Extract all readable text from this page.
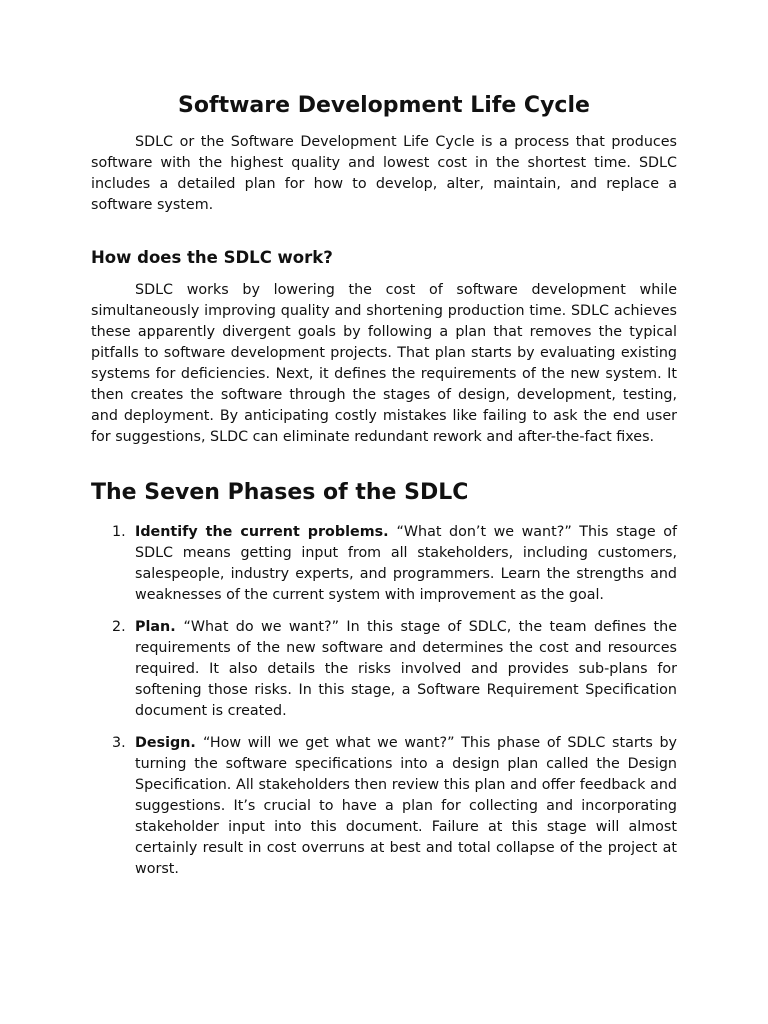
Software Development Life Cycle

SDLC or the Software Development Life Cycle is a process that produces software with the highest quality and lowest cost in the shortest time. SDLC includes a detailed plan for how to develop, alter, maintain, and replace a software system.

How does the SDLC work?

SDLC works by lowering the cost of software development while simultaneously improving quality and shortening production time. SDLC achieves these apparently divergent goals by following a plan that removes the typical pitfalls to software development projects. That plan starts by evaluating existing systems for deficiencies. Next, it defines the requirements of the new system. It then creates the software through the stages of design, development, testing, and deployment. By anticipating costly mistakes like failing to ask the end user for suggestions, SLDC can eliminate redundant rework and after-the-fact fixes.

The Seven Phases of the SDLC
1. Identify the current problems. “What don’t we want?” This stage of SDLC means getting input from all stakeholders, including customers, salespeople, industry experts, and programmers. Learn the strengths and weaknesses of the current system with improvement as the goal.
2. Plan. “What do we want?” In this stage of SDLC, the team defines the requirements of the new software and determines the cost and resources required. It also details the risks involved and provides sub-plans for softening those risks. In this stage, a Software Requirement Specification document is created.
3. Design. “How will we get what we want?” This phase of SDLC starts by turning the software specifications into a design plan called the Design Specification. All stakeholders then review this plan and offer feedback and suggestions. It’s crucial to have a plan for collecting and incorporating stakeholder input into this document. Failure at this stage will almost certainly result in cost overruns at best and total collapse of the project at worst.
